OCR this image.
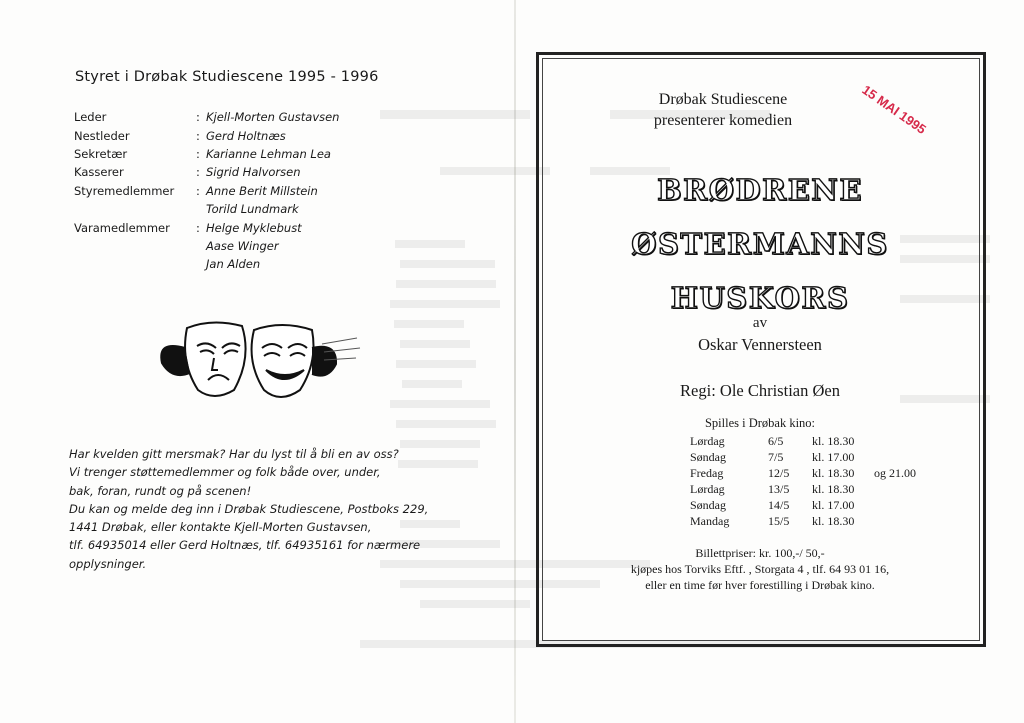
Styret i Drøbak Studiescene 1995 - 1996
Leder	: Kjell-Morten Gustavsen
Nestleder	: Gerd Holtnæs
Sekretær	: Karianne Lehman Lea
Kasserer	: Sigrid Halvorsen
Styremedlemmer	: Anne Berit Millstein
Torild Lundmark
Varamedlemmer	: Helge Myklebust
Aase Winger
Jan Alden
Har kvelden gitt mersmak? Har du lyst til å bli en av oss?
Vi trenger støttemedlemmer og folk både over, under,
bak, foran, rundt og på scenen!
Du kan og melde deg inn i Drøbak Studiescene, Postboks 229,
1441 Drøbak, eller kontakte Kjell-Morten Gustavsen,
tlf. 64935014 eller Gerd Holtnæs, tlf. 64935161 for nærmere
opplysninger.
Drøbak Studiescene
presenterer komedien	15 MAI 1995
BRØDRENE
ØSTERMANNS
HUSKORS
av
Oskar Vennersteen
Regi: Ole Christian Øen
Spilles i Drøbak kino:
Lørdag	6/5	kl. 18.30
Søndag	7/5	kl. 17.00
Fredag	12/5	kl. 18.30	og 21.00
Lørdag	13/5	kl. 18.30
Søndag	14/5	kl. 17.00
Mandag	15/5	kl. 18.30
Billettpriser: kr. 100,-/ 50,-
kjøpes hos Torviks Eftf. , Storgata 4 , tlf. 64 93 01 16,
eller en time før hver forestilling i Drøbak kino.
